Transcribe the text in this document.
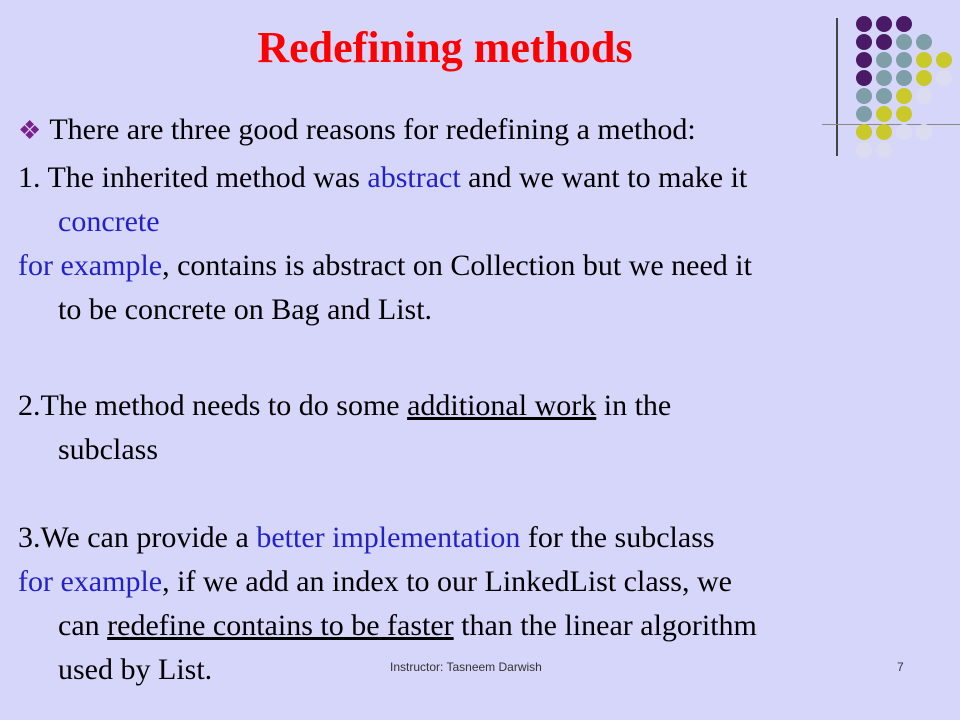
Redefining methods
❖ There are three good reasons for redefining a method:
1. The inherited method was abstract and we want to make it
concrete
for example, contains is abstract on Collection but we need it
to be concrete on Bag and List.
2.The method needs to do some additional work in the
subclass
3.We can provide a better implementation for the subclass
for example, if we add an index to our LinkedList class, we
can redefine contains to be faster than the linear algorithm
used by List.	Instructor: Tasneem Darwish	7
